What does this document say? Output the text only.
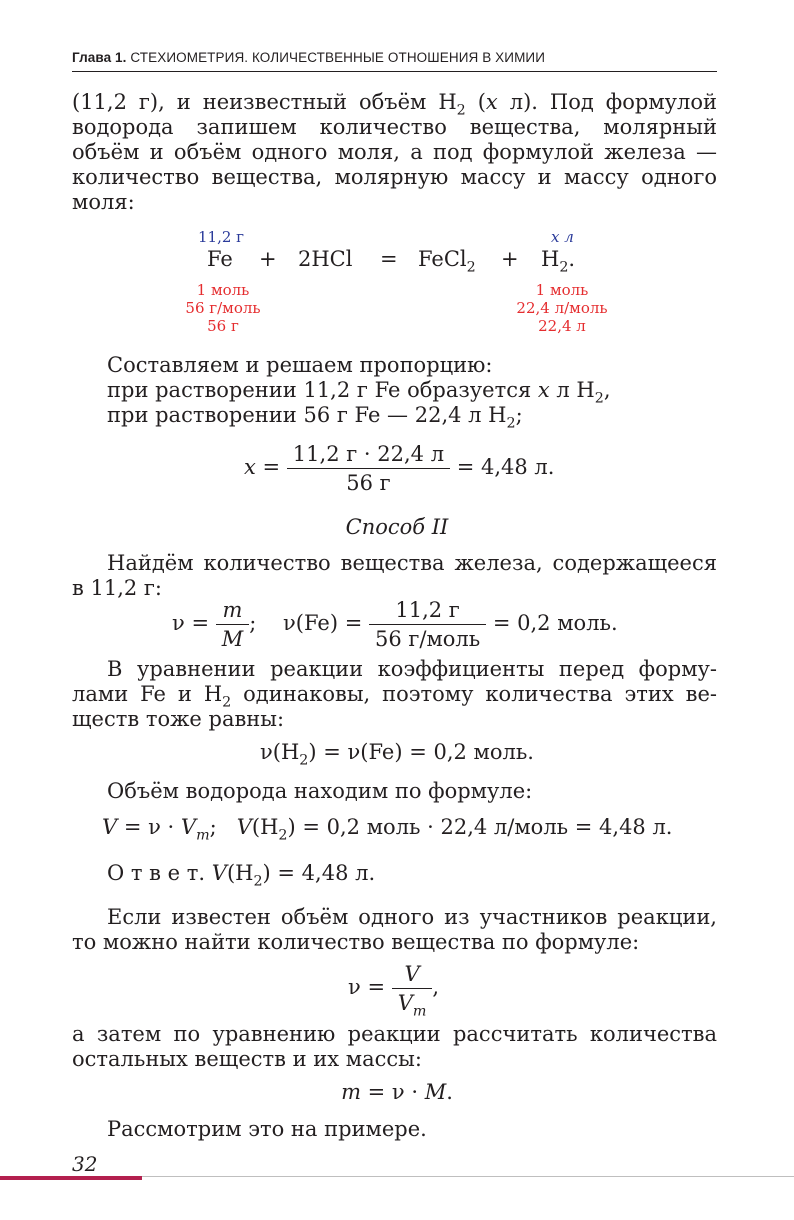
Глава 1. СТЕХИОМЕТРИЯ. КОЛИЧЕСТВЕННЫЕ ОТНОШЕНИЯ В ХИМИИ
(11,2 г), и неизвестный объём $H_2$ (x л). Под формулой
водорода запишем количество вещества, молярный
объём и объём одного моля, а под формулой железа —
количество вещества, молярную массу и массу одного
моля:
11,2 г	x л
Fe + 2HCl = FeCl$_2$ + $H_2$.
1 моль
56 г/моль
56 г
1 моль
22,4 л/моль
22,4 л
Составляем и решаем пропорцию:
при растворении 11,2 г Fe образуется x л $H_2$,
при растворении 56 г Fe — 22,4 л $H_2$;
$x = \frac{11,2 г \cdot 22,4 л}{56 г} = 4,48$ л.
Способ II
Найдём количество вещества железа, содержащееся
в 11,2 г:
$\nu = \frac{m}{M}$ ; $\nu(Fe) = \frac{11,2 г}{\text{56 г/моль}} = 0,2$ моль.
В уравнении реакции коэффициенты перед форму-
лами Fe и $H_2$ одинаковы, поэтому количества этих ве-
ществ тоже равны:
$\nu(H_2) = \nu(Fe) = 0,2$ моль.
Объём водорода находим по формуле:
$V = \nu \cdot V_m$; $V(H_2) = 0,2$ моль · 22,4 л/моль = 4,48 л.
О т в е т. $V(H_2) = 4,48$ л.
Если известен объём одного из участников реакции,
то можно найти количество вещества по формуле:
$\nu = \frac{V}{V_m}$ ,
а затем по уравнению реакции рассчитать количества
остальных веществ и их массы:
m = ν · M.
Рассмотрим это на примере.
32
